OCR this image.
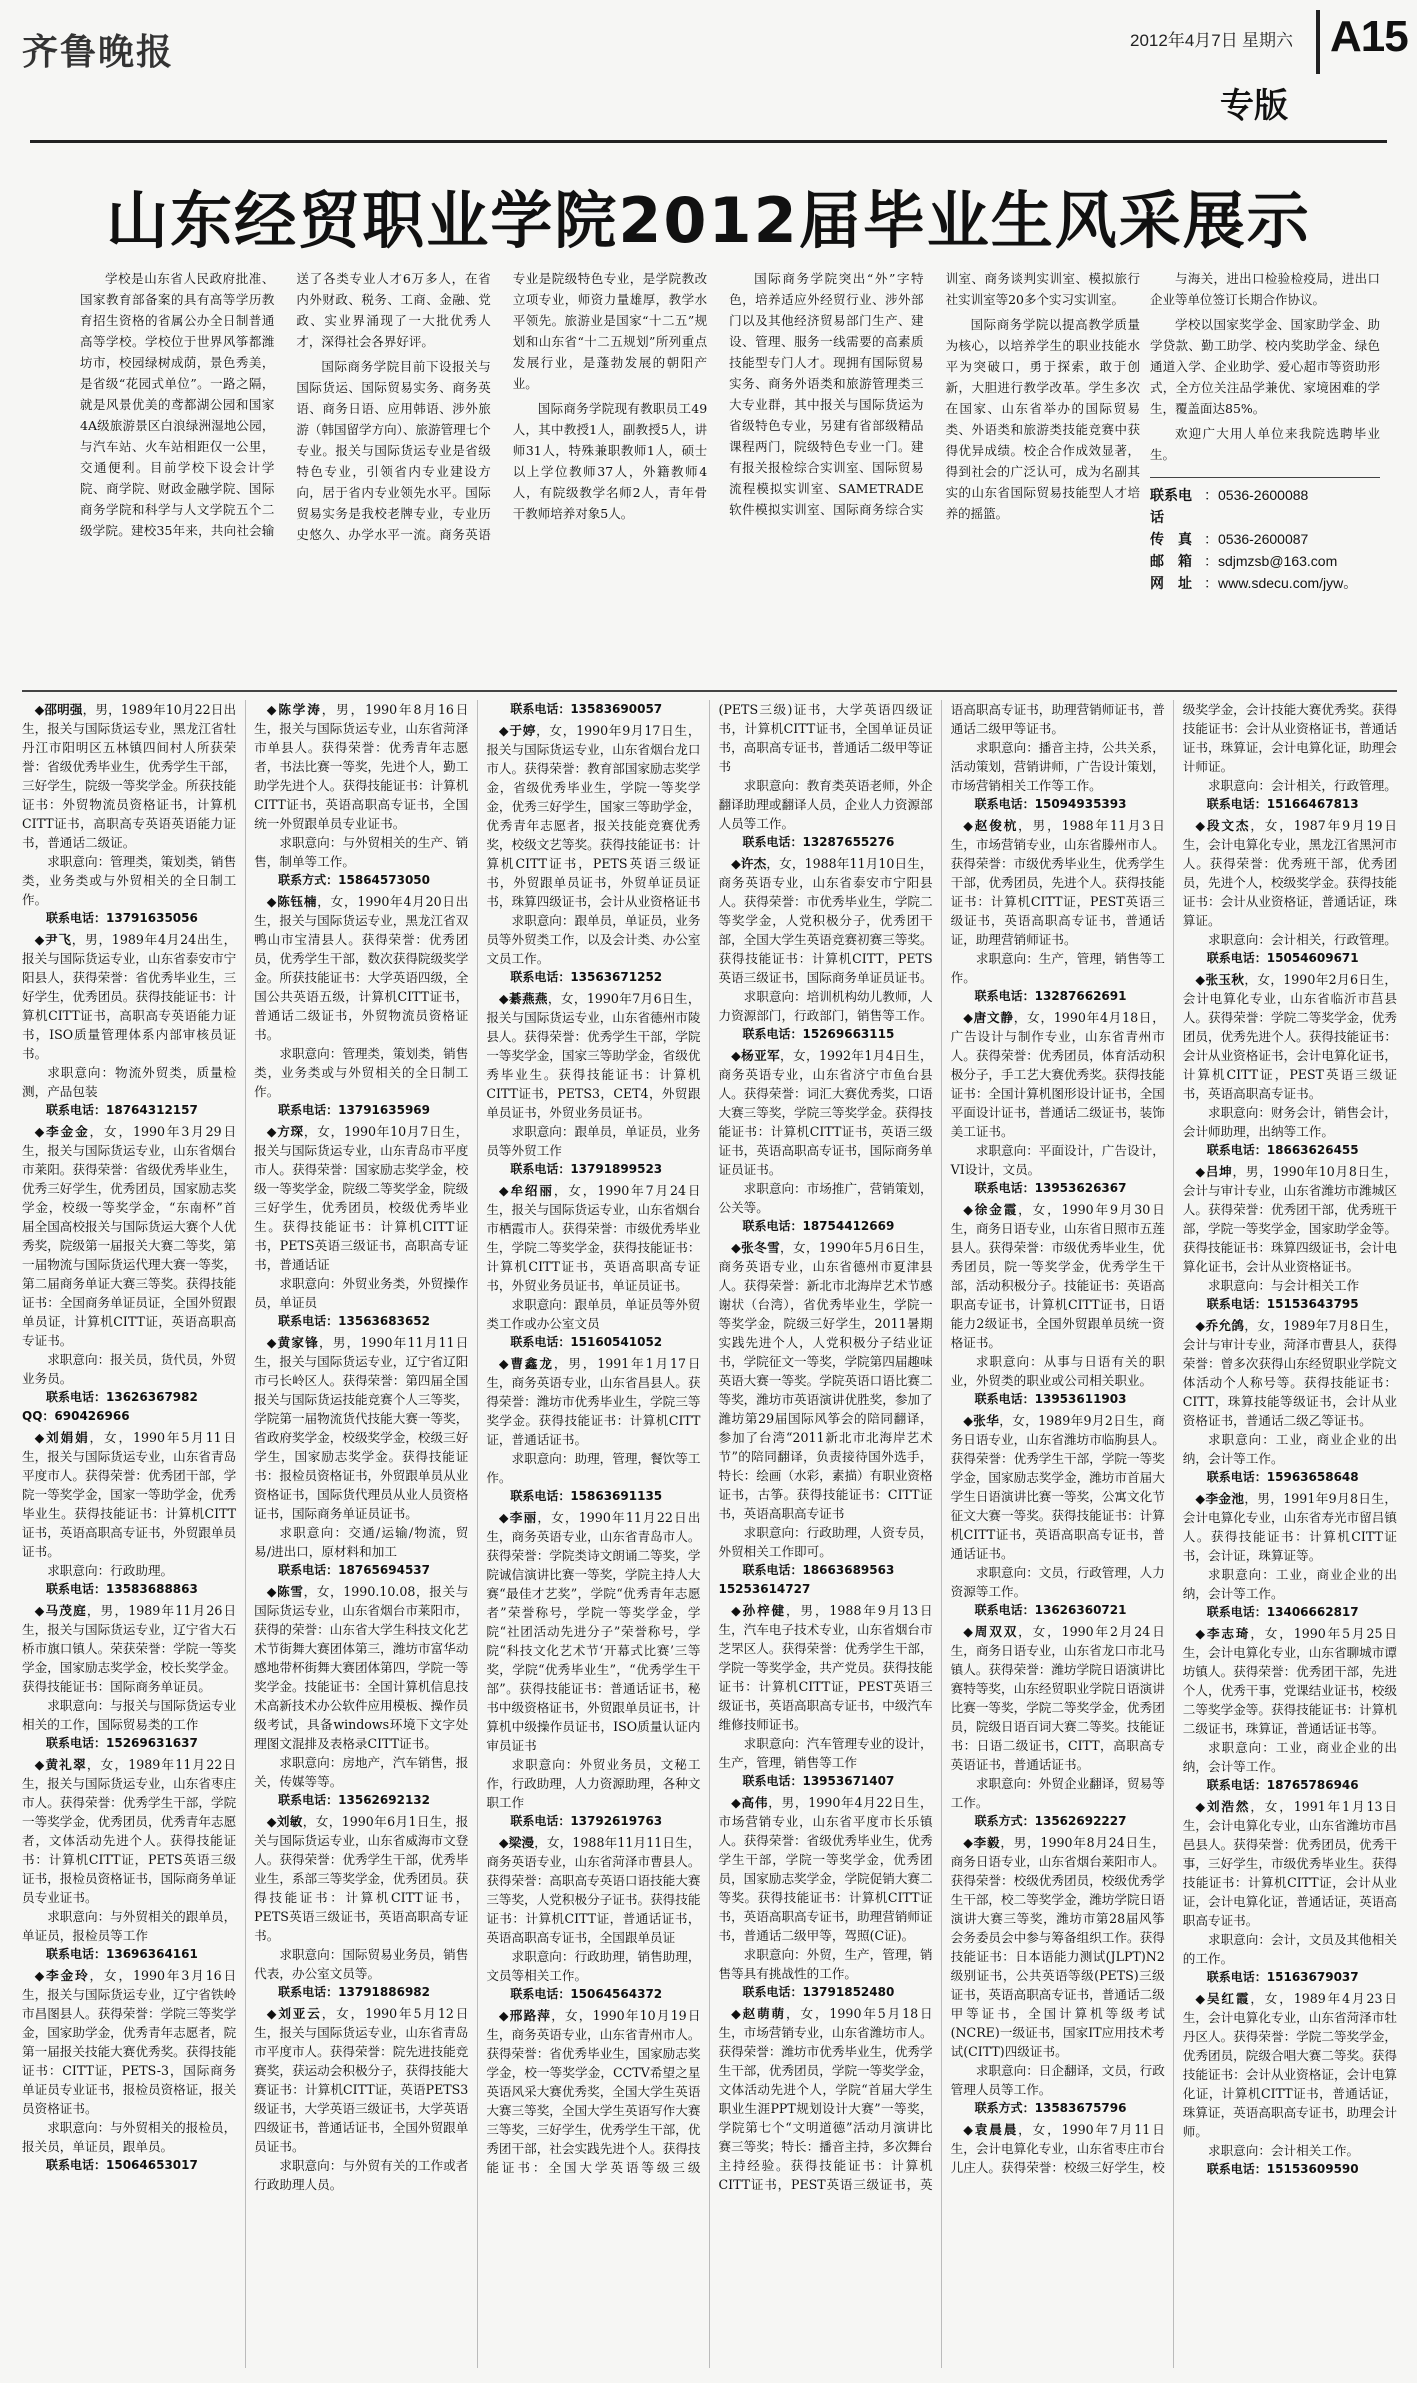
齐鲁晚报	2012年4月7日 星期六 A15
专版
山东经贸职业学院2012届毕业生风采展示

学校是山东省人民政府批准、国家教育部备案的具有高等学历教育招生资格的省属公办全日制普通高等学校。学校位于世界风筝都潍坊市，校园绿树成荫，景色秀美，是省级“花园式单位”。一路之隔，就是风景优美的鸢都湖公园和国家4A级旅游景区白浪绿洲湿地公园，与汽车站、火车站相距仅一公里，交通便利。目前学校下设会计学院、商学院、财政金融学院、国际商务学院和科学与人文学院五个二级学院。建校35年来，共向社会输送了各类专业人才6万多人，在省内外财政、税务、工商、金融、党政、实业界涌现了一大批优秀人才，深得社会各界好评。

国际商务学院目前下设报关与国际货运、国际贸易实务、商务英语、商务日语、应用韩语、涉外旅游（韩国留学方向）、旅游管理七个专业。报关与国际货运专业是省级特色专业，引领省内专业建设方向，居于省内专业领先水平。国际贸易实务是我校老牌专业，专业历史悠久、办学水平一流。商务英语专业是院级特色专业，是学院教改立项专业，师资力量雄厚，教学水平领先。旅游业是国家“十二五”规划和山东省“十二五规划”所列重点发展行业，是蓬勃发展的朝阳产业。

国际商务学院现有教职员工49人，其中教授1人，副教授5人，讲师31人，特殊兼职教师1人，硕士以上学位教师37人，外籍教师4人，有院级教学名师2人，青年骨干教师培养对象5人。

国际商务学院突出“外”字特色，培养适应外经贸行业、涉外部门以及其他经济贸易部门生产、建设、管理、服务一线需要的高素质技能型专门人才。现拥有国际贸易实务、商务外语类和旅游管理类三大专业群，其中报关与国际货运为省级特色专业，另建有省部级精品课程两门，院级特色专业一门。建有报关报检综合实训室、国际贸易流程模拟实训室、SAMETRADE软件模拟实训室、国际商务综合实训室、商务谈判实训室、模拟旅行社实训室等20多个实习实训室。

国际商务学院以提高教学质量为核心，以培养学生的职业技能水平为突破口，勇于探索，敢于创新，大胆进行教学改革。学生多次在国家、山东省举办的国际贸易类、外语类和旅游类技能竞赛中获得优异成绩。校企合作成效显著，得到社会的广泛认可，成为名副其实的山东省国际贸易技能型人才培养的摇篮。

与海关，进出口检验检疫局，进出口企业等单位签订长期合作协议。

学校以国家奖学金、国家助学金、助学贷款、勤工助学、校内奖助学金、绿色通道入学、企业助学、爱心超市等资助形式，全方位关注品学兼优、家境困难的学生，覆盖面达85%。

欢迎广大用人单位来我院选聘毕业生。

联系电话
：0536-2600088
传　真 ：0536-2600087
邮　箱 ：sdjmzsb@163.com
网　址 ：www.sdecu.com/jyw。

◆邵明强，男，1989年10月22日出生，报关与国际货运专业，黑龙江省牡丹江市阳明区五林镇四间村人所获荣誉：省级优秀毕业生，优秀学生干部，三好学生，院级一等奖学金。所获技能证书：外贸物流员资格证书，计算机CITT证书，高职高专英语英语能力证书，普通话二级证。

求职意向：管理类，策划类，销售类，业务类或与外贸相关的全日制工作。

联系电话：13791635056

◆尹飞，男，1989年4月24出生，报关与国际货运专业，山东省泰安市宁阳县人，获得荣誉：省优秀毕业生，三好学生，优秀团员。获得技能证书：计算机CITT证书，高职高专英语能力证书，ISO质量管理体系内部审核员证书。

求职意向：物流外贸类，质量检测，产品包装

联系电话：18764312157

◆李金金，女，1990年3月29日生，报关与国际货运专业，山东省烟台市莱阳。获得荣誉：省级优秀毕业生，优秀三好学生，优秀团员，国家励志奖学金，校级一等奖学金，“东南杯”首届全国高校报关与国际货运大赛个人优秀奖，院级第一届报关大赛二等奖，第一届物流与国际货运代理大赛一等奖，第二届商务单证大赛三等奖。获得技能证书：全国商务单证员证，全国外贸跟单员证，计算机CITT证，英语高职高专证书。

求职意向：报关员，货代员，外贸业务员。

联系电话：13626367982　QQ：690426966

◆刘娟娟，女，1990年5月11日生，报关与国际货运专业，山东省青岛平度市人。获得荣誉：优秀团干部，学院一等奖学金，国家一等助学金，优秀毕业生。获得技能证书：计算机CITT证书，英语高职高专证书，外贸跟单员证书。

求职意向：行政助理。

联系电话：13583688863

◆马茂庭，男，1989年11月26日生，报关与国际货运专业，辽宁省大石桥市旗口镇人。荣获荣誉：学院一等奖学金，国家励志奖学金，校长奖学金。获得技能证书：国际商务单证员。

求职意向：与报关与国际货运专业相关的工作，国际贸易类的工作

联系电话：15269631637

◆黄礼翠，女，1989年11月22日生，报关与国际货运专业，山东省枣庄市人。获得荣誉：优秀学生干部，学院一等奖学金，优秀团员，优秀青年志愿者，文体活动先进个人。获得技能证书：计算机CITT证，PETS英语三级证书，报检员资格证书，国际商务单证员专业证书。

求职意向：与外贸相关的跟单员，单证员，报检员等工作

联系电话：13696364161

◆李金玲，女，1990年3月16日生，报关与国际货运专业，辽宁省铁岭市昌图县人。获得荣誉：学院三等奖学金，国家助学金，优秀青年志愿者，院第一届报关技能大赛优秀奖。获得技能证书：CITT证，PETS-3，国际商务单证员专业证书，报检员资格证，报关员资格证书。

求职意向：与外贸相关的报检员，报关员，单证员，跟单员。

联系电话：15064653017

◆陈学涛，男，1990年8月16日生，报关与国际货运专业，山东省菏泽市单县人。获得荣誉：优秀青年志愿者，书法比赛一等奖，先进个人，勤工助学先进个人。获得技能证书：计算机CITT证书，英语高职高专证书，全国统一外贸跟单员专业证书。

求职意向：与外贸相关的生产、销售，制单等工作。

联系方式：15864573050

◆陈钰楠，女，1990年4月20日出生，报关与国际货运专业，黑龙江省双鸭山市宝清县人。获得荣誉：优秀团员，优秀学生干部，数次获得院级奖学金。所获技能证书：大学英语四级，全国公共英语五级，计算机CITT证书，普通话二级证书，外贸物流员资格证书。

求职意向：管理类，策划类，销售类，业务类或与外贸相关的全日制工作。

联系电话：13791635969

◆方琛，女，1990年10月7日生，报关与国际货运专业，山东青岛市平度市人。获得荣誉：国家励志奖学金，校级一等奖学金，院级二等奖学金，院级三好学生，优秀团员，校级优秀毕业生。获得技能证书：计算机CITT证书，PETS英语三级证书，高职高专证书，普通话证

求职意向：外贸业务类，外贸操作员，单证员

联系电话：13563683652

◆黄家锋，男，1990年11月11日生，报关与国际货运专业，辽宁省辽阳市弓长岭区人。获得荣誉：第四届全国报关与国际货运技能竞赛个人三等奖，学院第一届物流货代技能大赛一等奖，省政府奖学金，校级奖学金，校级三好学生，国家励志奖学金。获得技能证书：报检员资格证书，外贸跟单员从业资格证书，国际货代理员从业人员资格证书，国际商务单证员证书。

求职意向：交通/运输/物流，贸易/进出口，原材料和加工

联系电话：18765694537

◆陈雪，女，1990.10.08，报关与国际货运专业，山东省烟台市莱阳市，获得的荣誉：山东省大学生科技文化艺术节街舞大赛团体第三，潍坊市富华动感地带杯街舞大赛团体第四，学院一等奖学金。技能证书：全国计算机信息技术高新技术办公软件应用模板、操作员级考试，具备windows环境下文字处理图文混排及表格录CITT证书。

求职意向：房地产，汽车销售，报关，传媒等等。

联系电话：13562692132

◆刘敏，女，1990年6月1日生，报关与国际货运专业，山东省威海市文登人。获得荣誉：优秀学生干部，优秀毕业生，系部三等奖学金，优秀团员。获得技能证书：计算机CITT证书，PETS英语三级证书，英语高职高专证书。

求职意向：国际贸易业务员，销售代表，办公室文员等。

联系电话：13791886982

◆刘亚云，女，1990年5月12日生，报关与国际货运专业，山东省青岛市平度市人。获得荣誉：院先进技能竞赛奖，获运动会积极分子，获得技能大赛证书：计算机CITT证，英语PETS3级证书，大学英语三级证书，大学英语四级证书，普通话证书，全国外贸跟单员证书。

求职意向：与外贸有关的工作或者行政助理人员。

联系电话：13583690057

◆于婷，女，1990年9月17日生，报关与国际货运专业，山东省烟台龙口市人。获得荣誉：教育部国家励志奖学金，省级优秀毕业生，学院一等奖学金，优秀三好学生，国家三等助学金，优秀青年志愿者，报关技能竞赛优秀奖，校级文艺等奖。获得技能证书：计算机CITT证书，PETS英语三级证书，外贸跟单员证书，外贸单证员证书，珠算四级证书，会计从业资格证书

求职意向：跟单员，单证员，业务员等外贸类工作，以及会计类、办公室文员工作。

联系电话：13563671252

◆綦燕燕，女，1990年7月6日生，报关与国际货运专业，山东省德州市陵县人。获得荣誉：优秀学生干部，学院一等奖学金，国家三等助学金，省级优秀毕业生。获得技能证书：计算机CITT证书，PETS3，CET4，外贸跟单员证书，外贸业务员证书。

求职意向：跟单员，单证员，业务员等外贸工作

联系电话：13791899523

◆牟绍丽，女，1990年7月24日生，报关与国际货运专业，山东省烟台市栖霞市人。获得荣誉：市级优秀毕业生，学院二等奖学金，获得技能证书：计算机CITT证书，英语高职高专证书，外贸业务员证书，单证员证书。

求职意向：跟单员，单证员等外贸类工作或办公室文员

联系电话：15160541052

◆曹鑫龙，男，1991年1月17日生，商务英语专业，山东省昌县人。获得荣誉：潍坊市优秀毕业生，学院三等奖学金。获得技能证书：计算机CITT证，普通话证书。

求职意向：助理，管理，餐饮等工作。

联系电话：15863691135

◆李丽，女，1990年11月22日出生，商务英语专业，山东省青岛市人。获得荣誉：学院类诗文朗诵二等奖，学院诚信演讲比赛一等奖，学院主持人大赛“最佳才艺奖”，学院“优秀青年志愿者”荣誉称号，学院一等奖学金，学院“社团活动先进分子”荣誉称号，学院“科技文化艺术节‘开幕式比赛’三等奖，学院“优秀毕业生”，“优秀学生干部”。获得技能证书：普通话证书，秘书中级资格证书，外贸跟单员证书，计算机中级操作员证书，ISO质量认证内审员证书

求职意向：外贸业务员，文秘工作，行政助理，人力资源助理，各种文职工作

联系电话：13792619763

◆梁漫，女，1988年11月11日生，商务英语专业，山东省菏泽市曹县人。获得荣誉：高职高专英语口语技能大赛三等奖，人党积极分子证书。获得技能证书：计算机CITT证，普通话证书，英语高职高专证书，全国跟单员证

求职意向：行政助理，销售助理，文员等相关工作。

联系电话：15064564372

◆邢路萍，女，1990年10月19日生，商务英语专业，山东省青州市人。获得荣誉：省优秀毕业生，国家励志奖学金，校一等奖学金，CCTV希望之星英语风采大赛优秀奖，全国大学生英语大赛三等奖，全国大学生英语写作大赛三等奖，三好学生，优秀学生干部，优秀团干部，社会实践先进个人。获得技能证书：全国大学英语等级三级(PETS三级)证书，大学英语四级证书，计算机CITT证书，全国单证员证书，高职高专证书，普通话二级甲等证书

求职意向：教育类英语老师，外企翻译助理或翻译人员，企业人力资源部人员等工作。

联系电话：13287655276

◆许杰，女，1988年11月10日生，商务英语专业，山东省泰安市宁阳县人。获得荣誉：市优秀毕业生，学院二等奖学金，人党积极分子，优秀团干部，全国大学生英语竞赛初赛三等奖。获得技能证书：计算机CITT，PETS英语三级证书，国际商务单证员证书。

求职意向：培训机构幼儿教师，人力资源部门，行政部门，销售等工作。

联系电话：15269663115

◆杨亚军，女，1992年1月4日生，商务英语专业，山东省济宁市鱼台县人。获得荣誉：词汇大赛优秀奖，口语大赛三等奖，学院三等奖学金。获得技能证书：计算机CITT证书，英语三级证书，英语高职高专证书，国际商务单证员证书。

求职意向：市场推广，营销策划，公关等。

联系电话：18754412669

◆张冬雪，女，1990年5月6日生，商务英语专业，山东省德州市夏津县人。获得荣誉：新北市北海岸艺术节感谢状（台湾），省优秀毕业生，学院一等奖学金，院级三好学生，2011暑期实践先进个人，人党积极分子结业证书，学院征文一等奖，学院第四届趣味英语大赛一等奖。学院英语口语比赛二等奖，潍坊市英语演讲优胜奖，参加了潍坊第29届国际风筝会的陪同翻译，参加了台湾“2011新北市北海岸艺术节”的陪同翻译，负责接待国外选手，特长：绘画（水彩，素描）有职业资格证书，古筝。获得技能证书：CITT证书，英语高职高专证书

求职意向：行政助理，人资专员，外贸相关工作即可。

联系电话：18663689563　15253614727

◆孙梓健，男，1988年9月13日生，汽车电子技术专业，山东省烟台市芝罘区人。获得荣誉：优秀学生干部，学院一等奖学金，共产党员。获得技能证书：计算机CITT证，PEST英语三级证书，英语高职高专证书，中级汽车维修技师证书。

求职意向：汽车管理专业的设计，生产，管理，销售等工作

联系电话：13953671407

◆高伟，男，1990年4月22日生，市场营销专业，山东省平度市长乐镇人。获得荣誉：省级优秀毕业生，优秀学生干部，学院一等奖学金，优秀团员，国家励志奖学金，学院促销大赛二等奖。获得技能证书：计算机CITT证书，英语高职高专证书，助理营销师证书，普通话二级甲等，驾照(C证)。

求职意向：外贸，生产，管理，销售等具有挑战性的工作。

联系电话：13791852480

◆赵萌萌，女，1990年5月18日生，市场营销专业，山东省潍坊市人。获得荣誉：潍坊市优秀毕业生，优秀学生干部，优秀团员，学院一等奖学金，文体活动先进个人，学院“首届大学生职业生涯PPT规划设计大赛”一等奖，学院第七个“文明道德”活动月演讲比赛三等奖；特长：播音主持，多次舞台主持经验。获得技能证书：计算机CITT证书，PEST英语三级证书，英语高职高专证书，助理营销师证书，普通话二级甲等证书。

求职意向：播音主持，公共关系，活动策划，营销讲师，广告设计策划，市场营销相关工作等工作。

联系电话：15094935393

◆赵俊杭，男，1988年11月3日生，市场营销专业，山东省滕州市人。获得荣誉：市级优秀毕业生，优秀学生干部，优秀团员，先进个人。获得技能证书：计算机CITT证，PEST英语三级证书，英语高职高专证书，普通话证，助理营销师证书。

求职意向：生产，管理，销售等工作。

联系电话：13287662691

◆唐文静，女，1990年4月18日，广告设计与制作专业，山东省青州市人。获得荣誉：优秀团员，体育活动积极分子，手工艺大赛优秀奖。获得技能证书：全国计算机图形设计证书，全国平面设计证书，普通话二级证书，装饰美工证书。

求职意向：平面设计，广告设计，VI设计，文员。

联系电话：13953626367

◆徐金霞，女，1990年9月30日生，商务日语专业，山东省日照市五莲县人。获得荣誉：市级优秀毕业生，优秀团员，院一等奖学金，优秀学生干部，活动积极分子。技能证书：英语高职高专证书，计算机CITT证书，日语能力2级证书，全国外贸跟单员统一资格证书。

求职意向：从事与日语有关的职业，外贸类的职业或公司相关职业。

联系电话：13953611903

◆张华，女，1989年9月2日生，商务日语专业，山东省潍坊市临朐县人。获得荣誉：优秀学生干部，学院一等奖学金，国家励志奖学金，潍坊市首届大学生日语演讲比赛一等奖，公寓文化节征文大赛一等奖。获得技能证书：计算机CITT证书，英语高职高专证书，普通话证书。

求职意向：文员，行政管理，人力资源等工作。

联系电话：13626360721

◆周双双，女，1990年2月24日生，商务日语专业，山东省龙口市北马镇人。获得荣誉：潍坊学院日语演讲比赛特等奖，山东经贸职业学院日语演讲比赛一等奖，学院二等奖学金，优秀团员，院级日语百词大赛二等奖。技能证书：日语二级证书，CITT，高职高专英语证书，普通话证书。

求职意向：外贸企业翻译，贸易等工作。

联系方式：13562692227

◆李毅，男，1990年8月24日生，商务日语专业，山东省烟台莱阳市人。获得荣誉：校级优秀团员，校级优秀学生干部，校二等奖学金，潍坊学院日语演讲大赛三等奖，潍坊市第28届风筝会务委员会中参与筹备组织工作。获得技能证书：日本语能力测试(JLPT)N2级别证书，公共英语等级(PETS)三级证书，英语高职高专证书，普通话二级甲等证书，全国计算机等级考试(NCRE)一级证书，国家IT应用技术考试(CITT)四级证书。

求职意向：日企翻译，文员，行政管理人员等工作。

联系方式：13583675796

◆袁晨晨，女，1990年7月11日生，会计电算化专业，山东省枣庄市台儿庄人。获得荣誉：校级三好学生，校级奖学金，会计技能大赛优秀奖。获得技能证书：会计从业资格证书，普通话证书，珠算证，会计电算化证，助理会计师证。

求职意向：会计相关，行政管理。

联系电话：15166467813

◆段文杰，女，1987年9月19日生，会计电算化专业，黑龙江省黑河市人。获得荣誉：优秀班干部，优秀团员，先进个人，校级奖学金。获得技能证书：会计从业资格证，普通话证，珠算证。

求职意向：会计相关，行政管理。

联系电话：15054609671

◆张玉秋，女，1990年2月6日生，会计电算化专业，山东省临沂市莒县人。获得荣誉：学院二等奖学金，优秀团员，优秀先进个人。获得技能证书：会计从业资格证书，会计电算化证书，计算机CITT证，PEST英语三级证书，英语高职高专证书。

求职意向：财务会计，销售会计，会计师助理，出纳等工作。

联系电话：18663626455

◆吕坤，男，1990年10月8日生，会计与审计专业，山东省潍坊市潍城区人。获得荣誉：优秀团干部，优秀班干部，学院一等奖学金，国家助学金等。获得技能证书：珠算四级证书，会计电算化证书，会计从业资格证书。

求职意向：与会计相关工作

联系电话：15153643795

◆乔允鸽，女，1989年7月8日生，会计与审计专业，菏泽市曹县人，获得荣誉：曾多次获得山东经贸职业学院文体活动个人称号等。获得技能证书：CITT，珠算技能等级证书，会计从业资格证书，普通话二级乙等证书。

求职意向：工业，商业企业的出纳，会计等工作。

联系电话：15963658648

◆李金池，男，1991年9月8日生，会计电算化专业，山东省寿光市留吕镇人。获得技能证书：计算机CITT证书，会计证，珠算证等。

求职意向：工业，商业企业的出纳，会计等工作。

联系电话：13406662817

◆李志琦，女，1990年5月25日生，会计电算化专业，山东省聊城市谭坊镇人。获得荣誉：优秀团干部，先进个人，优秀干事，党课结业证书，校级二等奖学金等。获得技能证书：计算机二级证书，珠算证，普通话证书等。

求职意向：工业，商业企业的出纳，会计等工作。

联系电话：18765786946

◆刘浩然，女，1991年1月13日生，会计电算化专业，山东省潍坊市昌邑县人。获得荣誉：优秀团员，优秀干事，三好学生，市级优秀毕业生。获得技能证书：计算机CITT证，会计从业证，会计电算化证，普通话证，英语高职高专证书。

求职意向：会计，文员及其他相关的工作。

联系电话：15163679037

◆吴红霞，女，1989年4月23日生，会计电算化专业，山东省菏泽市牡丹区人。获得荣誉：学院二等奖学金，优秀团员，院级合唱大赛二等奖。获得技能证书：会计从业资格证，会计电算化证，计算机CITT证书，普通话证，珠算证，英语高职高专证书，助理会计师。

求职意向：会计相关工作。

联系电话：15153609590
